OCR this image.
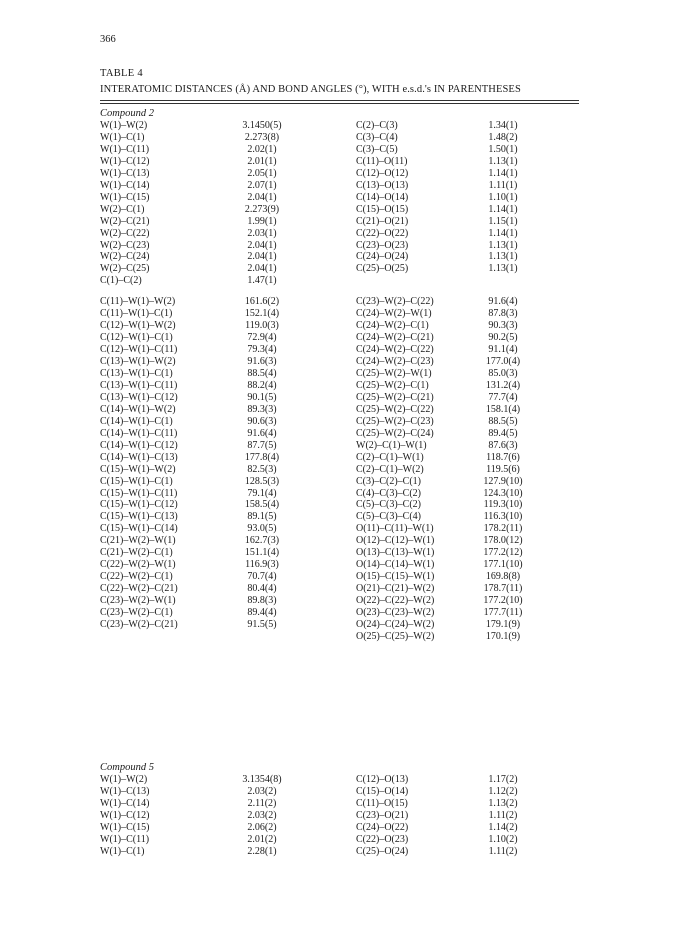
366
TABLE 4
INTERATOMIC DISTANCES (Å) AND BOND ANGLES (°), WITH e.s.d.'s IN PARENTHESES
Compound 2
W(1)–W(2)	3.1450(5)	C(2)–C(3)	1.34(1)
W(1)–C(1)	2.273(8)	C(3)–C(4)	1.48(2)
W(1)–C(11)	2.02(1)	C(3)–C(5)	1.50(1)
W(1)–C(12)	2.01(1)	C(11)–O(11)	1.13(1)
W(1)–C(13)	2.05(1)	C(12)–O(12)	1.14(1)
W(1)–C(14)	2.07(1)	C(13)–O(13)	1.11(1)
W(1)–C(15)	2.04(1)	C(14)–O(14)	1.10(1)
W(2)–C(1)	2.273(9)	C(15)–O(15)	1.14(1)
W(2)–C(21)	1.99(1)	C(21)–O(21)	1.15(1)
W(2)–C(22)	2.03(1)	C(22)–O(22)	1.14(1)
W(2)–C(23)	2.04(1)	C(23)–O(23)	1.13(1)
W(2)–C(24)	2.04(1)	C(24)–O(24)	1.13(1)
W(2)–C(25)	2.04(1)	C(25)–O(25)	1.13(1)
C(1)–C(2)	1.47(1)
C(11)–W(1)–W(2)	161.6(2)	C(23)–W(2)–C(22)	91.6(4)
C(11)–W(1)–C(1)	152.1(4)	C(24)–W(2)–W(1)	87.8(3)
C(12)–W(1)–W(2)	119.0(3)	C(24)–W(2)–C(1)	90.3(3)
C(12)–W(1)–C(1)	72.9(4)	C(24)–W(2)–C(21)	90.2(5)
C(12)–W(1)–C(11)	79.3(4)	C(24)–W(2)–C(22)	91.1(4)
C(13)–W(1)–W(2)	91.6(3)	C(24)–W(2)–C(23)	177.0(4)
C(13)–W(1)–C(1)	88.5(4)	C(25)–W(2)–W(1)	85.0(3)
C(13)–W(1)–C(11)	88.2(4)	C(25)–W(2)–C(1)	131.2(4)
C(13)–W(1)–C(12)	90.1(5)	C(25)–W(2)–C(21)	77.7(4)
C(14)–W(1)–W(2)	89.3(3)	C(25)–W(2)–C(22)	158.1(4)
C(14)–W(1)–C(1)	90.6(3)	C(25)–W(2)–C(23)	88.5(5)
C(14)–W(1)–C(11)	91.6(4)	C(25)–W(2)–C(24)	89.4(5)
C(14)–W(1)–C(12)	87.7(5)	W(2)–C(1)–W(1)	87.6(3)
C(14)–W(1)–C(13)	177.8(4)	C(2)–C(1)–W(1)	118.7(6)
C(15)–W(1)–W(2)	82.5(3)	C(2)–C(1)–W(2)	119.5(6)
C(15)–W(1)–C(1)	128.5(3)	C(3)–C(2)–C(1)	127.9(10)
C(15)–W(1)–C(11)	79.1(4)	C(4)–C(3)–C(2)	124.3(10)
C(15)–W(1)–C(12)	158.5(4)	C(5)–C(3)–C(2)	119.3(10)
C(15)–W(1)–C(13)	89.1(5)	C(5)–C(3)–C(4)	116.3(10)
C(15)–W(1)–C(14)	93.0(5)	O(11)–C(11)–W(1)	178.2(11)
C(21)–W(2)–W(1)	162.7(3)	O(12)–C(12)–W(1)	178.0(12)
C(21)–W(2)–C(1)	151.1(4)	O(13)–C(13)–W(1)	177.2(12)
C(22)–W(2)–W(1)	116.9(3)	O(14)–C(14)–W(1)	177.1(10)
C(22)–W(2)–C(1)	70.7(4)	O(15)–C(15)–W(1)	169.8(8)
C(22)–W(2)–C(21)	80.4(4)	O(21)–C(21)–W(2)	178.7(11)
C(23)–W(2)–W(1)	89.8(3)	O(22)–C(22)–W(2)	177.2(10)
C(23)–W(2)–C(1)	89.4(4)	O(23)–C(23)–W(2)	177.7(11)
C(23)–W(2)–C(21)	91.5(5)	O(24)–C(24)–W(2)	179.1(9)
O(25)–C(25)–W(2)	170.1(9)
Compound 5
W(1)–W(2)	3.1354(8)	C(12)–O(13)	1.17(2)
W(1)–C(13)	2.03(2)	C(15)–O(14)	1.12(2)
W(1)–C(14)	2.11(2)	C(11)–O(15)	1.13(2)
W(1)–C(12)	2.03(2)	C(23)–O(21)	1.11(2)
W(1)–C(15)	2.06(2)	C(24)–O(22)	1.14(2)
W(1)–C(11)	2.01(2)	C(22)–O(23)	1.10(2)
W(1)–C(1)	2.28(1)	C(25)–O(24)	1.11(2)
